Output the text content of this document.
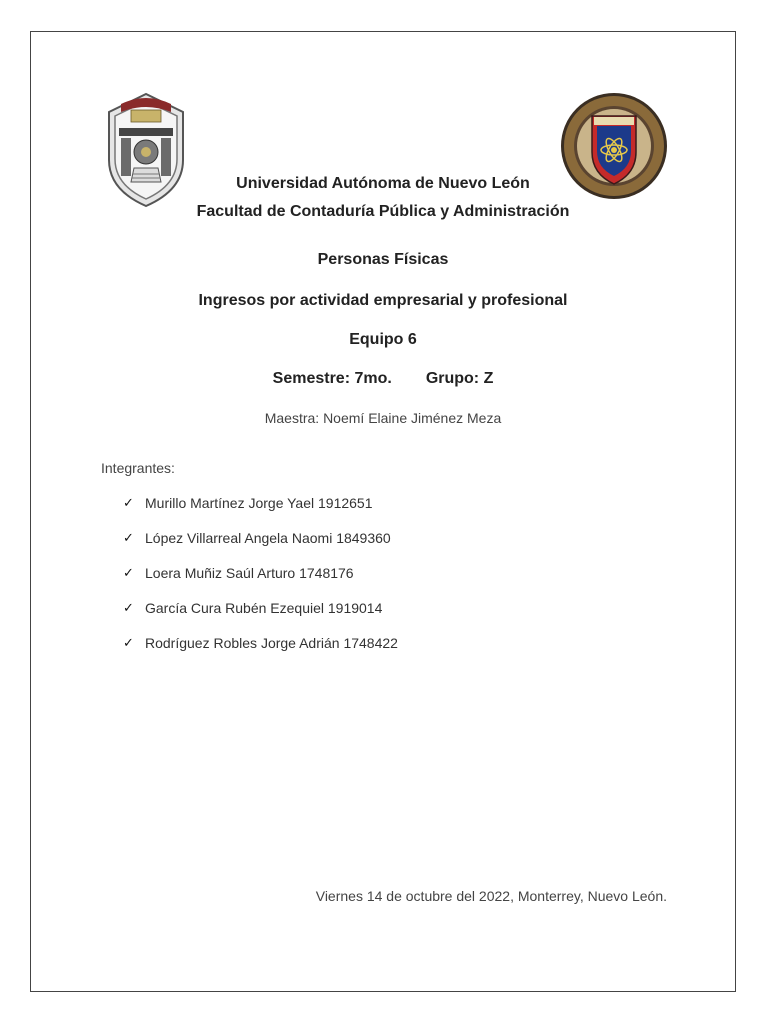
Universidad Autónoma de Nuevo León
Facultad de Contaduría Pública y Administración
Personas Físicas
Ingresos por actividad empresarial y profesional
Equipo 6
Semestre: 7mo. Grupo: Z
Maestra: Noemí Elaine Jiménez Meza
Integrantes:
✓ Murillo Martínez Jorge Yael 1912651
✓ López Villarreal Angela Naomi 1849360
✓ Loera Muñiz Saúl Arturo 1748176
✓ García Cura Rubén Ezequiel 1919014
✓ Rodríguez Robles Jorge Adrián 1748422
Viernes 14 de octubre del 2022, Monterrey, Nuevo León.
